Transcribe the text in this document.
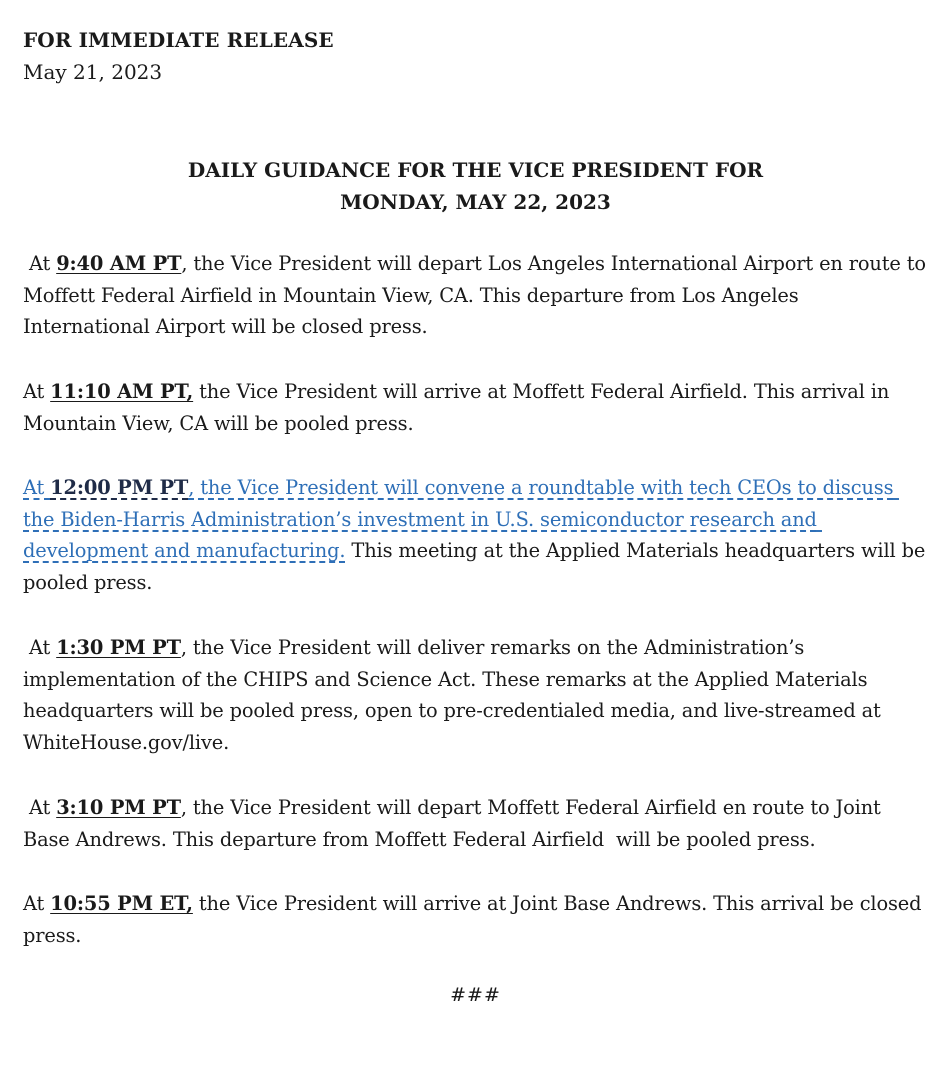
FOR IMMEDIATE RELEASE
May 21, 2023
DAILY GUIDANCE FOR THE VICE PRESIDENT FOR
MONDAY, MAY 22, 2023

At 9:40 AM PT, the Vice President will depart Los Angeles International Airport en route to Moffett Federal Airfield in Mountain View, CA. This departure from Los Angeles International Airport will be closed press.

At 11:10 AM PT, the Vice President will arrive at Moffett Federal Airfield. This arrival in Mountain View, CA will be pooled press.

At 12:00 PM PT, the Vice President will convene a roundtable with tech CEOs to discuss the Biden-Harris Administration’s investment in U.S. semiconductor research and development and manufacturing. This meeting at the Applied Materials headquarters will be pooled press.

At 1:30 PM PT, the Vice President will deliver remarks on the Administration’s implementation of the CHIPS and Science Act. These remarks at the Applied Materials headquarters will be pooled press, open to pre-credentialed media, and live-streamed at WhiteHouse.gov/live.

At 3:10 PM PT, the Vice President will depart Moffett Federal Airfield en route to Joint Base Andrews. This departure from Moffett Federal Airfield  will be pooled press.

At 10:55 PM ET, the Vice President will arrive at Joint Base Andrews. This arrival be closed press.

###
